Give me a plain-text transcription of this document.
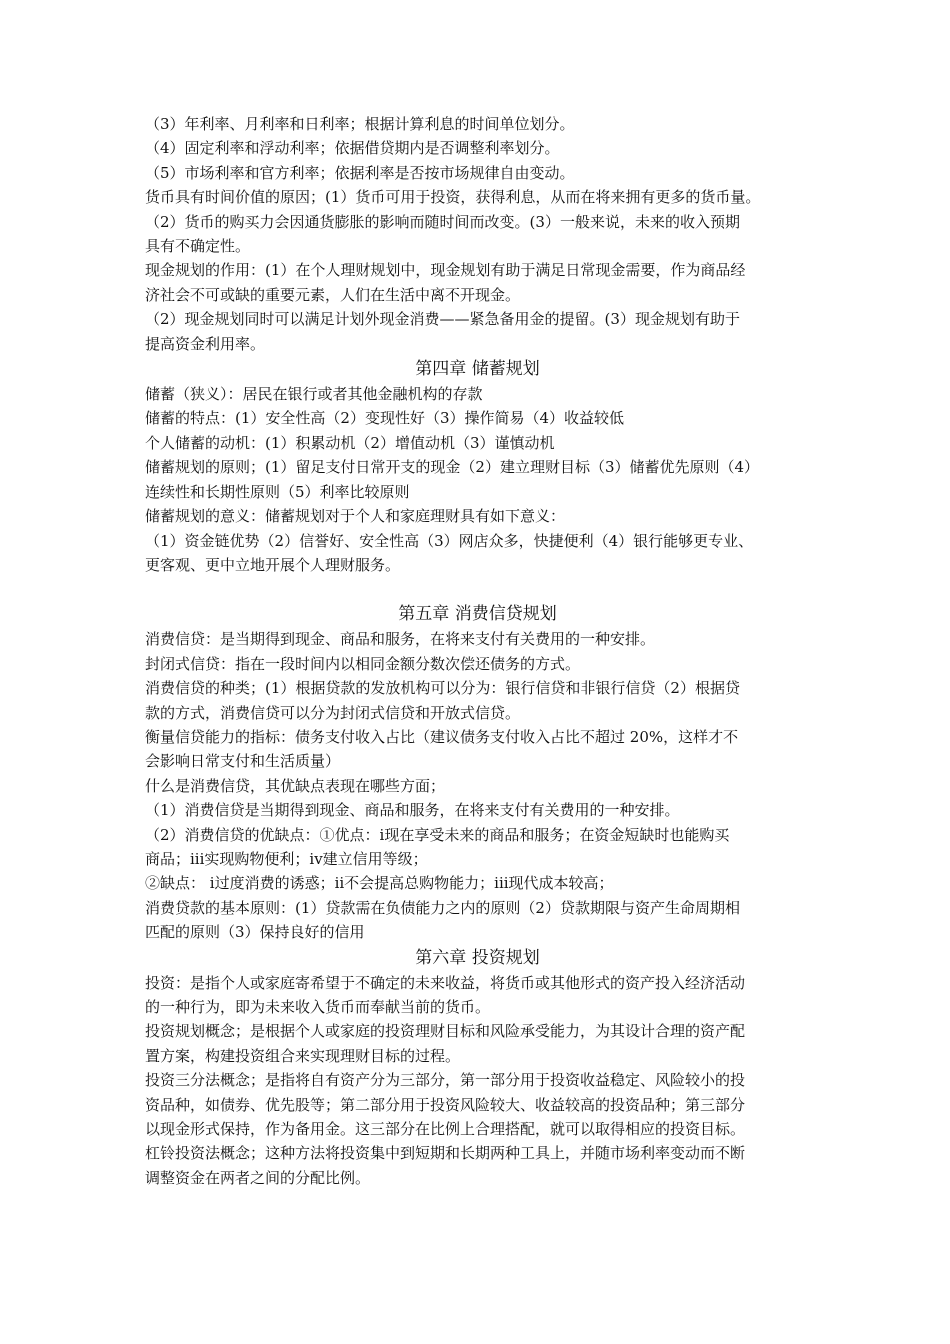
（3）年利率、月利率和日利率；根据计算利息的时间单位划分。
（4）固定利率和浮动利率；依据借贷期内是否调整利率划分。
（5）市场利率和官方利率；依据利率是否按市场规律自由变动。
货币具有时间价值的原因；(1）货币可用于投资，获得利息，从而在将来拥有更多的货币量。
（2）货币的购买力会因通货膨胀的影响而随时间而改变。(3）一般来说，未来的收入预期
具有不确定性。
现金规划的作用：(1）在个人理财规划中，现金规划有助于满足日常现金需要，作为商品经
济社会不可或缺的重要元素，人们在生活中离不开现金。
（2）现金规划同时可以满足计划外现金消费——紧急备用金的提留。(3）现金规划有助于
提高资金利用率。
第四章 储蓄规划
储蓄（狭义）：居民在银行或者其他金融机构的存款
储蓄的特点：(1）安全性高（2）变现性好（3）操作简易（4）收益较低
个人储蓄的动机：(1）积累动机（2）增值动机（3）谨慎动机
储蓄规划的原则；(1）留足支付日常开支的现金（2）建立理财目标（3）储蓄优先原则（4）
连续性和长期性原则（5）利率比较原则
储蓄规划的意义：储蓄规划对于个人和家庭理财具有如下意义：
（1）资金链优势（2）信誉好、安全性高（3）网店众多，快捷便利（4）银行能够更专业、
更客观、更中立地开展个人理财服务。
第五章 消费信贷规划
消费信贷：是当期得到现金、商品和服务，在将来支付有关费用的一种安排。
封闭式信贷：指在一段时间内以相同金额分数次偿还债务的方式。
消费信贷的种类；(1）根据贷款的发放机构可以分为：银行信贷和非银行信贷（2）根据贷
款的方式，消费信贷可以分为封闭式信贷和开放式信贷。
衡量信贷能力的指标：债务支付收入占比（建议债务支付收入占比不超过 20%，这样才不
会影响日常支付和生活质量）
什么是消费信贷，其优缺点表现在哪些方面；
（1）消费信贷是当期得到现金、商品和服务，在将来支付有关费用的一种安排。
（2）消费信贷的优缺点：①优点：ⅰ现在享受未来的商品和服务；在资金短缺时也能购买
商品；iii实现购物便利；iv建立信用等级；
②缺点： ⅰ过度消费的诱惑；ⅱ不会提高总购物能力；iii现代成本较高；
消费贷款的基本原则：(1）贷款需在负债能力之内的原则（2）贷款期限与资产生命周期相
匹配的原则（3）保持良好的信用
第六章 投资规划
投资：是指个人或家庭寄希望于不确定的未来收益，将货币或其他形式的资产投入经济活动
的一种行为，即为未来收入货币而奉献当前的货币。
投资规划概念；是根据个人或家庭的投资理财目标和风险承受能力，为其设计合理的资产配
置方案，构建投资组合来实现理财目标的过程。
投资三分法概念；是指将自有资产分为三部分，第一部分用于投资收益稳定、风险较小的投
资品种，如债券、优先股等；第二部分用于投资风险较大、收益较高的投资品种；第三部分
以现金形式保持，作为备用金。这三部分在比例上合理搭配，就可以取得相应的投资目标。
杠铃投资法概念；这种方法将投资集中到短期和长期两种工具上，并随市场利率变动而不断
调整资金在两者之间的分配比例。
